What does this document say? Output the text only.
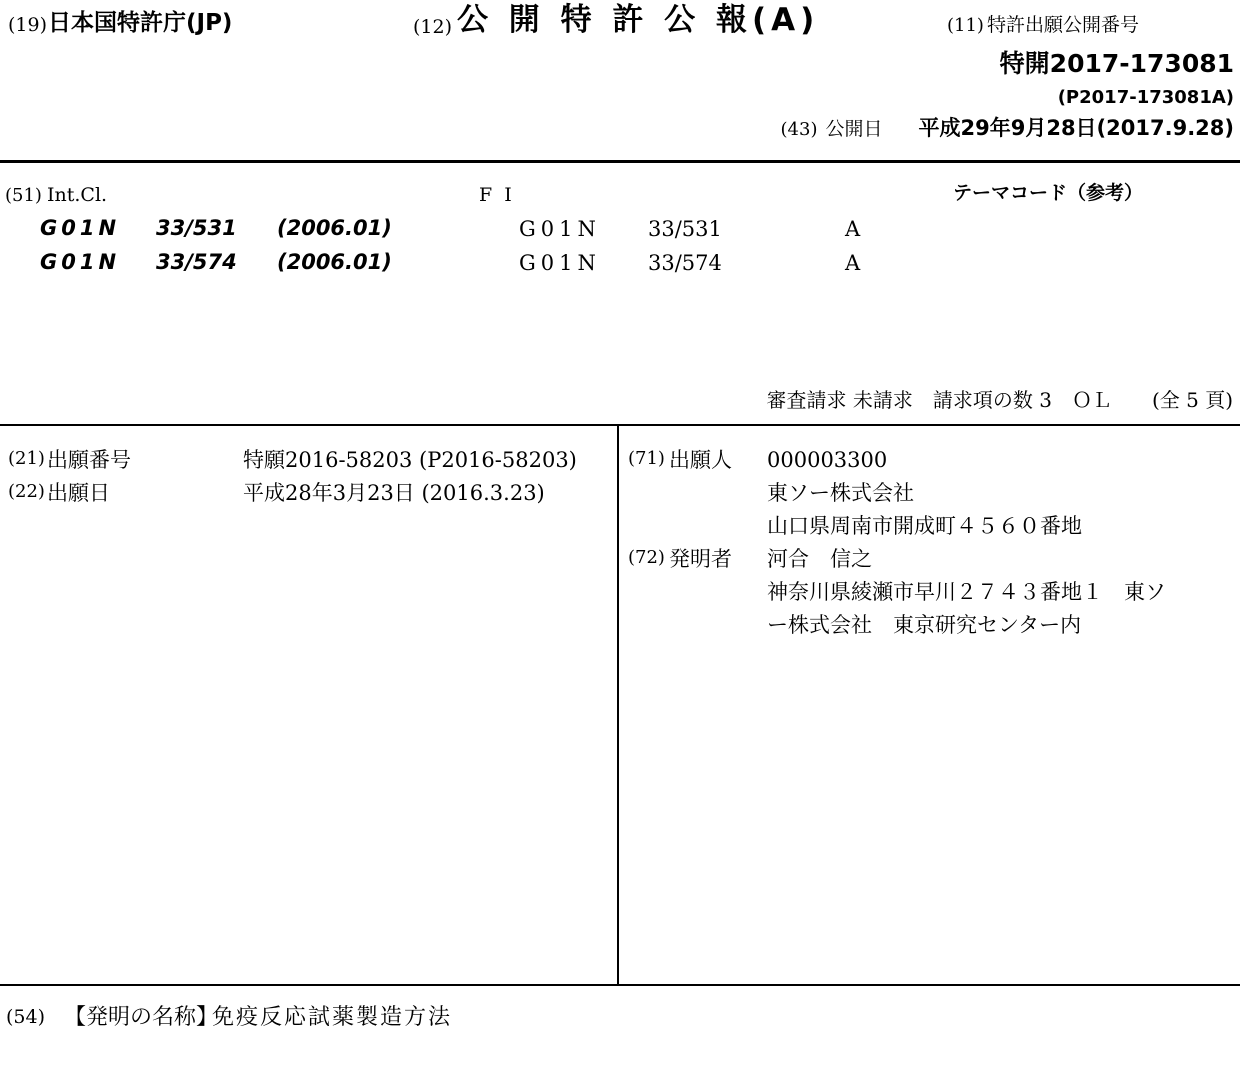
(19) 日本国特許庁(JP)	(12) 公 開 特 許 公 報(A)	(11) 特許出願公開番号
特開2017-173081
(P2017-173081A)
(43) 公開日 平成29年9月28日(2017.9.28)
(51) Int.Cl.	F I	テーマコード（参考）
G01N 33/531 (2006.01)	G01N 33/531	A
G01N 33/574 (2006.01)	G01N 33/574	A
審査請求 未請求　請求項の数 3　ＯＬ　　(全 5 頁)
(21) 出願番号	特願2016-58203 (P2016-58203)
(22) 出願日	平成28年3月23日 (2016.3.23)
(71) 出願人 000003300
東ソー株式会社
山口県周南市開成町４５６０番地
(72) 発明者 河合　信之
神奈川県綾瀬市早川２７４３番地１　東ソ
ー株式会社　東京研究センター内
(54) 【発明の名称】
免疫反応試薬製造方法
